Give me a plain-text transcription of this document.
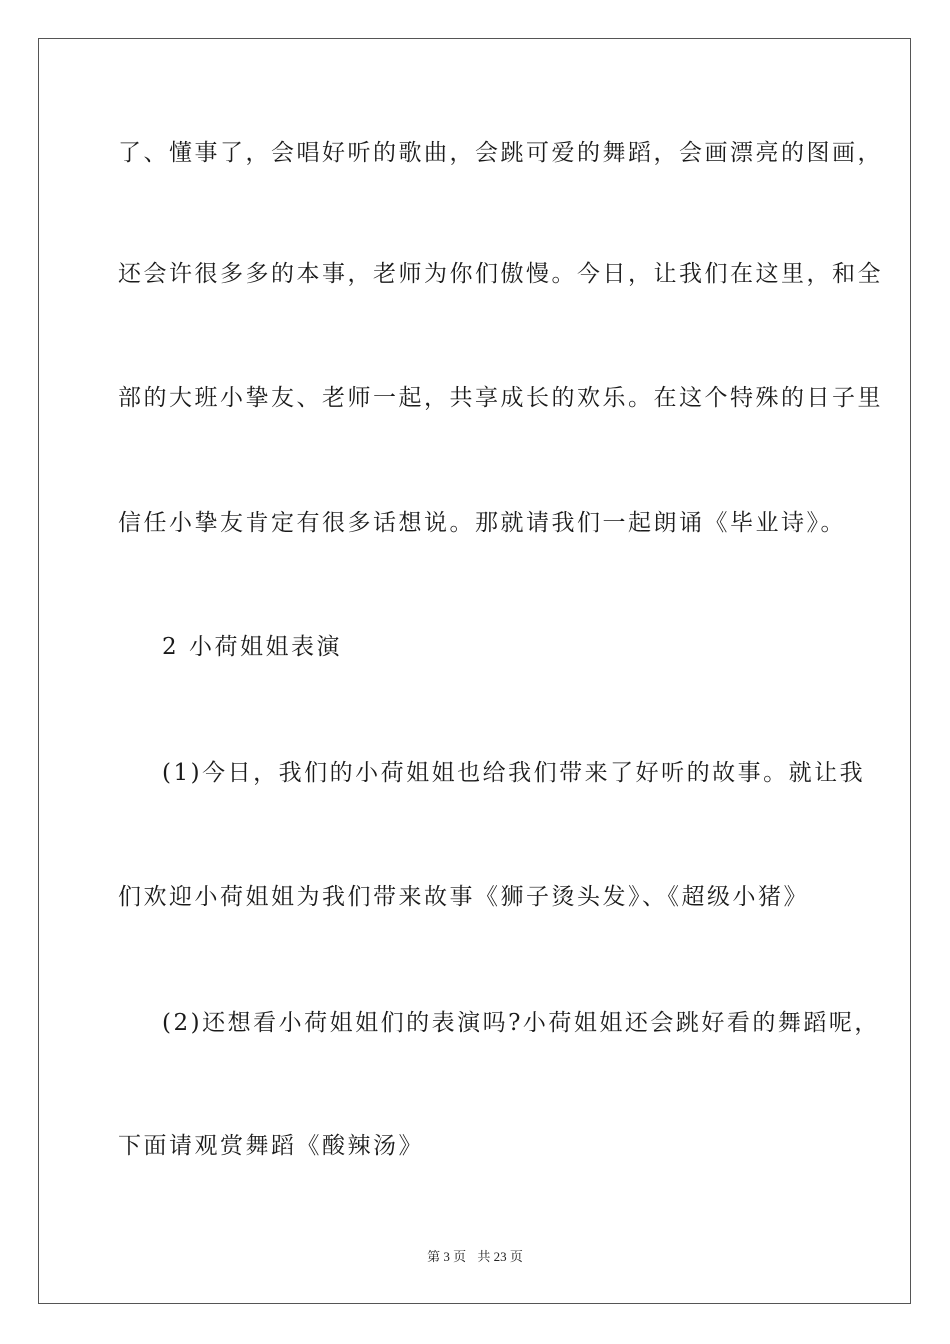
了、懂事了，会唱好听的歌曲，会跳可爱的舞蹈，会画漂亮的图画，
还会许很多多的本事，老师为你们傲慢。今日，让我们在这里，和全
部的大班小挚友、老师一起，共享成长的欢乐。在这个特殊的日子里
信任小挚友肯定有很多话想说。那就请我们一起朗诵《毕业诗》。
2 小荷姐姐表演
(1)今日，我们的小荷姐姐也给我们带来了好听的故事。就让我
们欢迎小荷姐姐为我们带来故事《狮子烫头发》、《超级小猪》
(2)还想看小荷姐姐们的表演吗?小荷姐姐还会跳好看的舞蹈呢，
下面请观赏舞蹈《酸辣汤》
第 3 页 共 23 页
